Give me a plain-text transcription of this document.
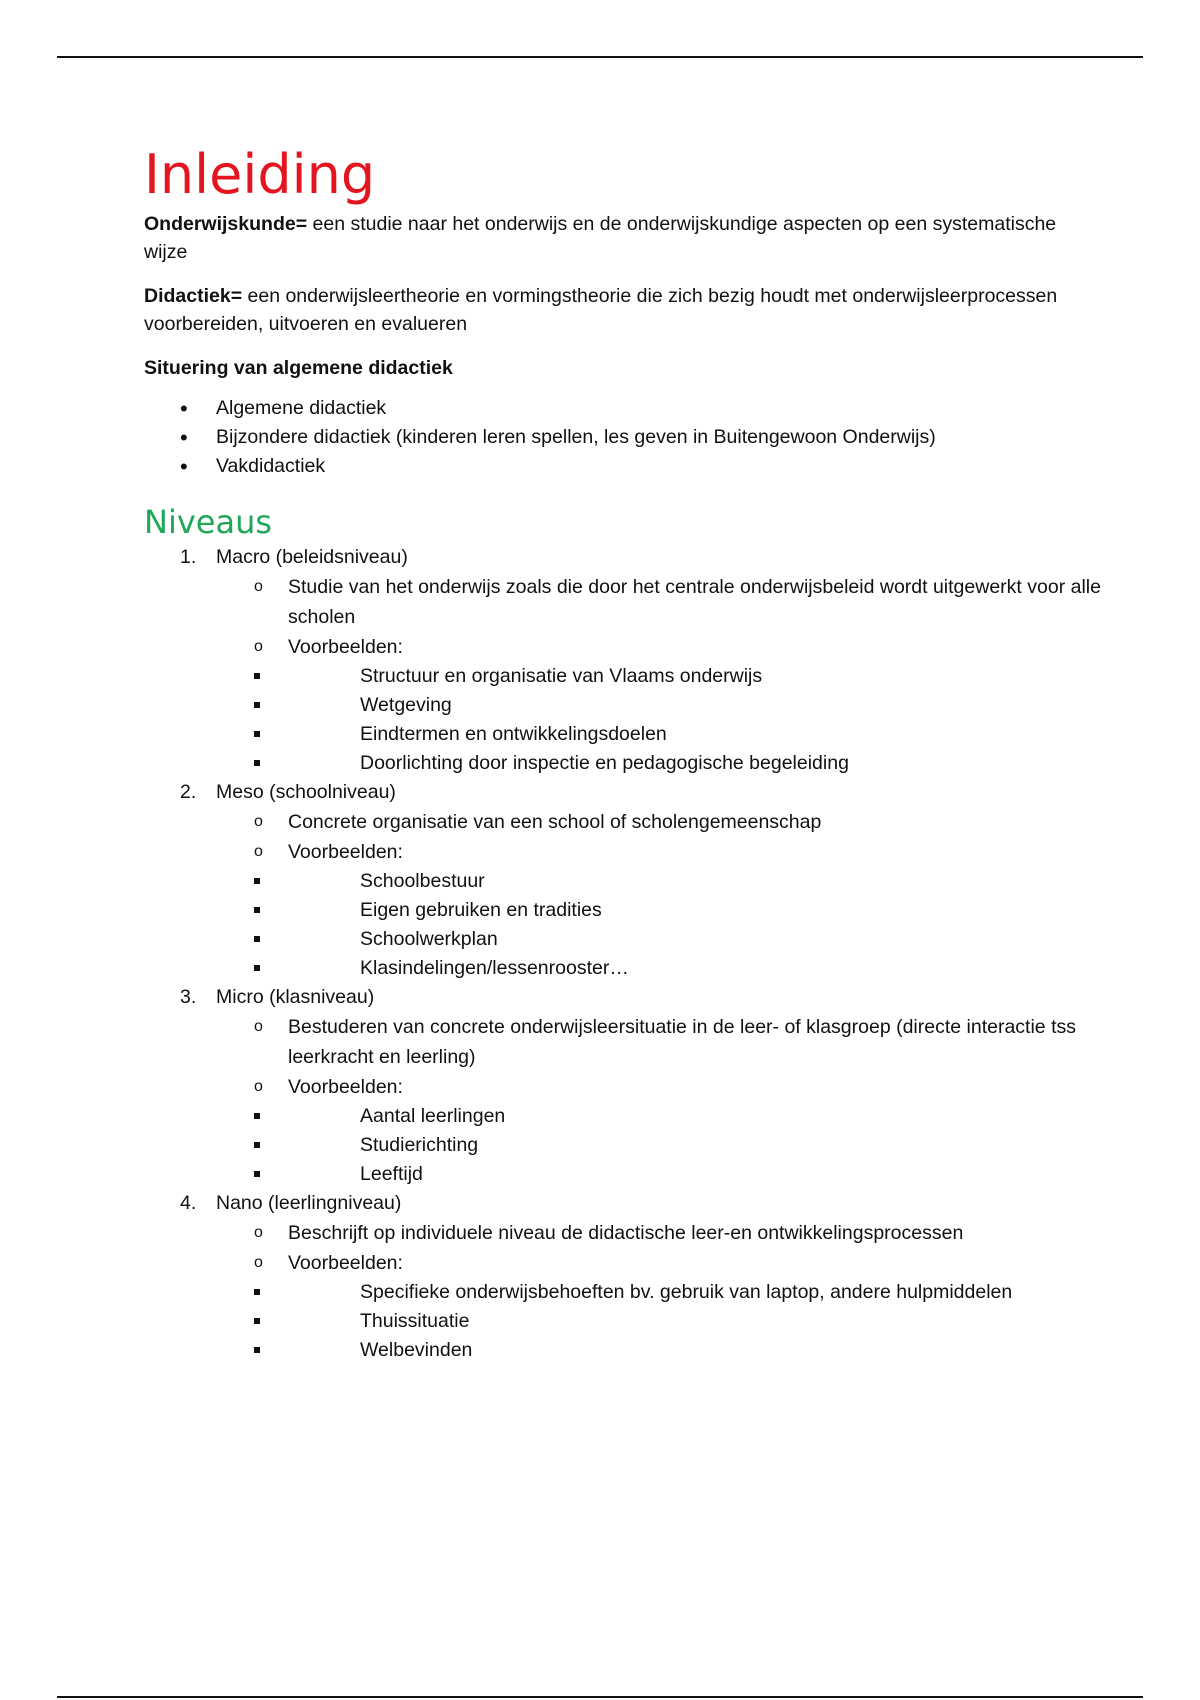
Inleiding

Onderwijskunde= een studie naar het onderwijs en de onderwijskundige aspecten op een systematische wijze

Didactiek= een onderwijsleertheorie en vormingstheorie die zich bezig houdt met onderwijsleerprocessen voorbereiden, uitvoeren en evalueren

Situering van algemene didactiek

• Algemene didactiek
• Bijzondere didactiek (kinderen leren spellen, les geven in Buitengewoon Onderwijs)
• Vakdidactiek
Niveaus
1. Macro (beleidsniveau)
o Studie van het onderwijs zoals die door het centrale onderwijsbeleid wordt uitgewerkt voor alle scholen
o Voorbeelden:
Structuur en organisatie van Vlaams onderwijs
Wetgeving
Eindtermen en ontwikkelingsdoelen
Doorlichting door inspectie en pedagogische begeleiding
2. Meso (schoolniveau)
o Concrete organisatie van een school of scholengemeenschap
o Voorbeelden:
Schoolbestuur
Eigen gebruiken en tradities
Schoolwerkplan
Klasindelingen/lessenrooster…
3. Micro (klasniveau)
o Bestuderen van concrete onderwijsleersituatie in de leer- of klasgroep (directe interactie tss leerkracht en leerling)
o Voorbeelden:
Aantal leerlingen
Studierichting
Leeftijd
4. Nano (leerlingniveau)
o Beschrijft op individuele niveau de didactische leer-en ontwikkelingsprocessen
o Voorbeelden:
Specifieke onderwijsbehoeften bv. gebruik van laptop, andere hulpmiddelen
Thuissituatie
Welbevinden
